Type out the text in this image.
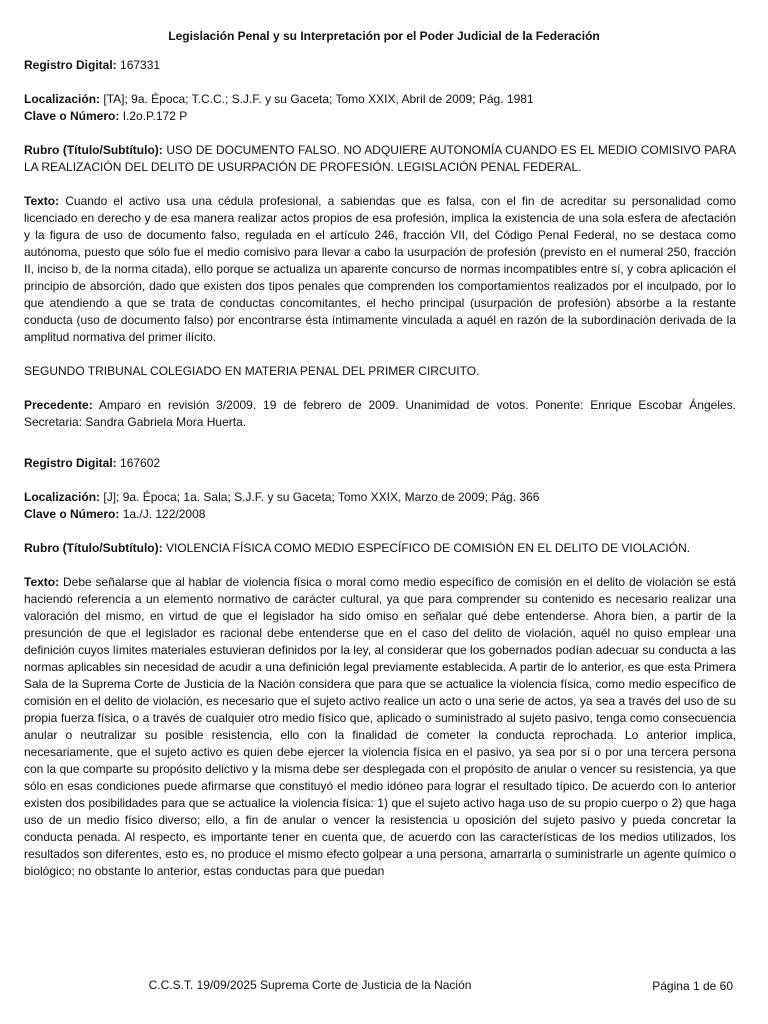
Legislación Penal y su Interpretación por el Poder Judicial de la Federación

Registro Digital: 167331

Localización: [TA]; 9a. Época; T.C.C.; S.J.F. y su Gaceta; Tomo XXIX, Abril de 2009; Pág. 1981

Clave o Número: I.2o.P.172 P

Rubro (Título/Subtítulo): USO DE DOCUMENTO FALSO. NO ADQUIERE AUTONOMÍA CUANDO ES EL MEDIO COMISIVO PARA LA REALIZACIÓN DEL DELITO DE USURPACIÓN DE PROFESIÓN. LEGISLACIÓN PENAL FEDERAL.

Texto: Cuando el activo usa una cédula profesional, a sabiendas que es falsa, con el fin de acreditar su personalidad como licenciado en derecho y de esa manera realizar actos propios de esa profesión, implica la existencia de una sola esfera de afectación y la figura de uso de documento falso, regulada en el artículo 246, fracción VII, del Código Penal Federal, no se destaca como autónoma, puesto que sólo fue el medio comisivo para llevar a cabo la usurpación de profesión (previsto en el numeral 250, fracción II, inciso b, de la norma citada), ello porque se actualiza un aparente concurso de normas incompatibles entre sí, y cobra aplicación el principio de absorción, dado que existen dos tipos penales que comprenden los comportamientos realizados por el inculpado, por lo que atendiendo a que se trata de conductas concomitantes, el hecho principal (usurpación de profesión) absorbe a la restante conducta (uso de documento falso) por encontrarse ésta íntimamente vinculada a aquél en razón de la subordinación derivada de la amplitud normativa del primer ilícito.

SEGUNDO TRIBUNAL COLEGIADO EN MATERIA PENAL DEL PRIMER CIRCUITO.

Precedente: Amparo en revisión 3/2009. 19 de febrero de 2009. Unanimidad de votos. Ponente: Enrique Escobar Ángeles. Secretaria: Sandra Gabriela Mora Huerta.

Registro Digital: 167602

Localización: [J]; 9a. Época; 1a. Sala; S.J.F. y su Gaceta; Tomo XXIX, Marzo de 2009; Pág. 366

Clave o Número: 1a./J. 122/2008

Rubro (Título/Subtítulo): VIOLENCIA FÍSICA COMO MEDIO ESPECÍFICO DE COMISIÓN EN EL DELITO DE VIOLACIÓN.

Texto: Debe señalarse que al hablar de violencia física o moral como medio específico de comisión en el delito de violación se está haciendo referencia a un elemento normativo de carácter cultural, ya que para comprender su contenido es necesario realizar una valoración del mismo, en virtud de que el legislador ha sido omiso en señalar qué debe entenderse. Ahora bien, a partir de la presunción de que el legislador es racional debe entenderse que en el caso del delito de violación, aquél no quiso emplear una definición cuyos límites materiales estuvieran definidos por la ley, al considerar que los gobernados podían adecuar su conducta a las normas aplicables sin necesidad de acudir a una definición legal previamente establecida. A partir de lo anterior, es que esta Primera Sala de la Suprema Corte de Justicia de la Nación considera que para que se actualice la violencia física, como medio específico de comisión en el delito de violación, es necesario que el sujeto activo realice un acto o una serie de actos, ya sea a través del uso de su propia fuerza física, o a través de cualquier otro medio físico que, aplicado o suministrado al sujeto pasivo, tenga como consecuencia anular o neutralizar su posible resistencia, ello con la finalidad de cometer la conducta reprochada. Lo anterior implica, necesariamente, que el sujeto activo es quien debe ejercer la violencia física en el pasivo, ya sea por sí o por una tercera persona con la que comparte su propósito delictivo y la misma debe ser desplegada con el propósito de anular o vencer su resistencia, ya que sólo en esas condiciones puede afirmarse que constituyó el medio idóneo para lograr el resultado típico. De acuerdo con lo anterior existen dos posibilidades para que se actualice la violencia física: 1) que el sujeto activo haga uso de su propio cuerpo o 2) que haga uso de un medio físico diverso; ello, a fin de anular o vencer la resistencia u oposición del sujeto pasivo y pueda concretar la conducta penada. Al respecto, es importante tener en cuenta que, de acuerdo con las características de los medios utilizados, los resultados son diferentes, esto es, no produce el mismo efecto golpear a una persona, amarrarla o suministrarle un agente químico o biológico; no obstante lo anterior, estas conductas para que puedan

C.C.S.T. 19/09/2025 Suprema Corte de Justicia de la Nación	Página 1 de 60
